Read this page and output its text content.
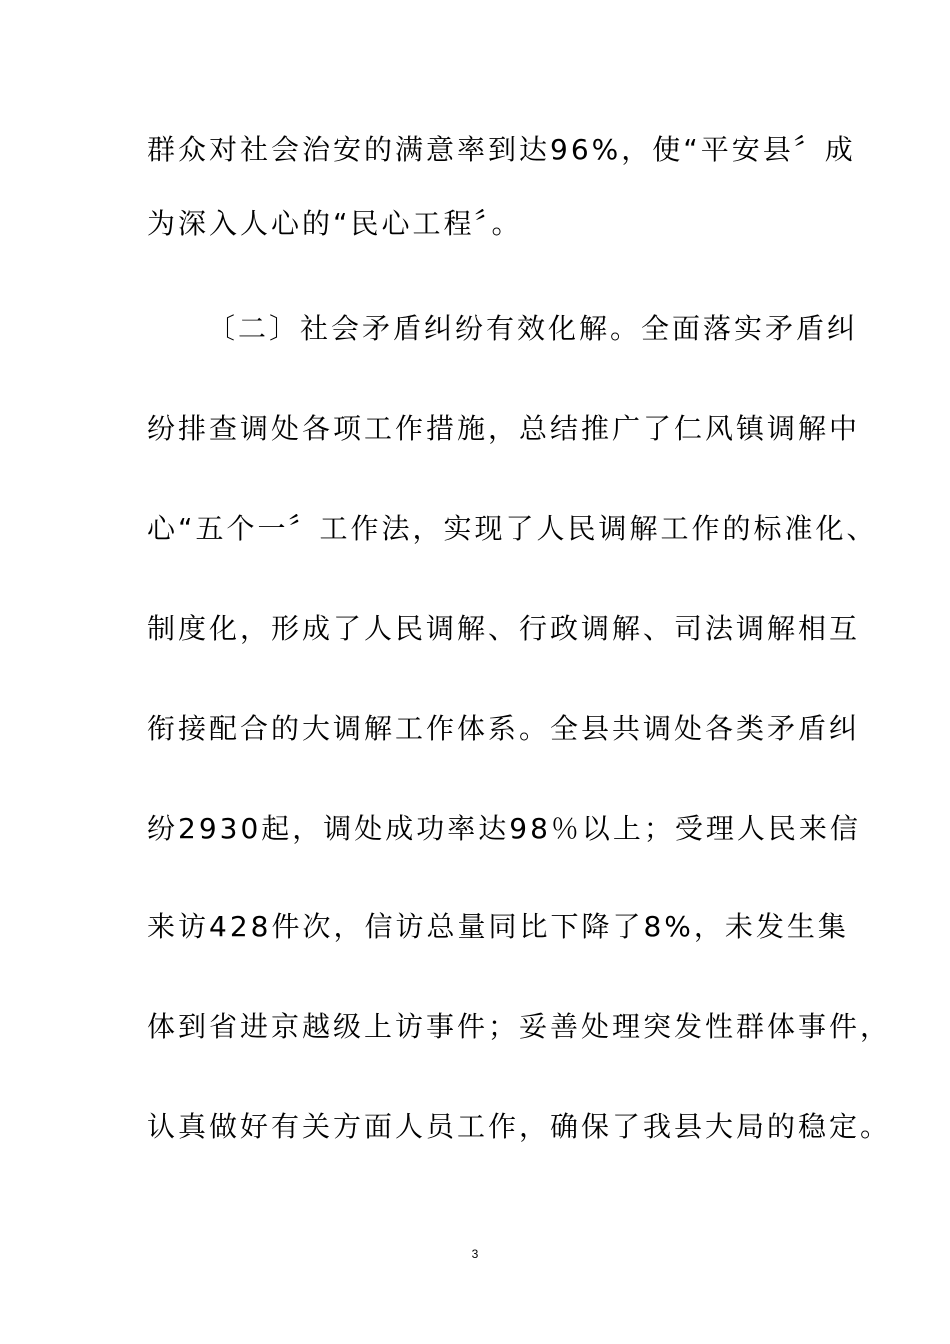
群众对社会治安的满意率到达96%，使“平安县〞成
为深入人心的“民心工程〞。
〔二〕社会矛盾纠纷有效化解。全面落实矛盾纠
纷排查调处各项工作措施，总结推广了仁风镇调解中
心“五个一〞工作法，实现了人民调解工作的标准化、
制度化，形成了人民调解、行政调解、司法调解相互
衔接配合的大调解工作体系。全县共调处各类矛盾纠
纷2930起，调处成功率达98％以上；受理人民来信
来访428件次，信访总量同比下降了8%，未发生集
体到省进京越级上访事件；妥善处理突发性群体事件，
认真做好有关方面人员工作，确保了我县大局的稳定。
3
